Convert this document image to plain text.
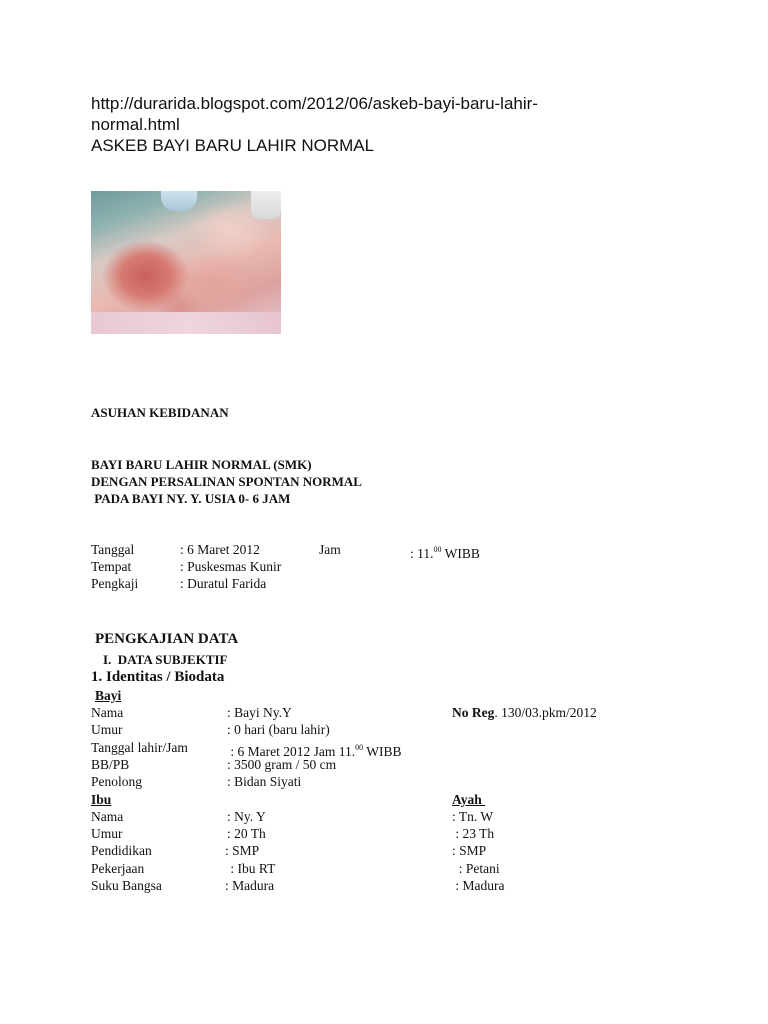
http://durarida.blogspot.com/2012/06/askeb-bayi-baru-lahir-
normal.html
ASKEB BAYI BARU LAHIR NORMAL
ASUHAN KEBIDANAN
BAYI BARU LAHIR NORMAL (SMK)
DENGAN PERSALINAN SPONTAN NORMAL
PADA BAYI NY. Y. USIA 0- 6 JAM
Tanggal	: 6 Maret 2012	Jam	: 11.00 WIBB
Tempat	: Puskesmas Kunir
Pengkaji	: Duratul Farida
PENGKAJIAN DATA
I.  DATA SUBJEKTIF
1. Identitas / Biodata
Bayi
Nama	: Bayi Ny.Y	No Reg. 130/03.pkm/2012
Umur	: 0 hari (baru lahir)
Tanggal lahir/Jam	: 6 Maret 2012 Jam 11.00 WIBB
BB/PB	: 3500 gram / 50 cm
Penolong	: Bidan Siyati
Ibu	Ayah
Nama	: Ny. Y	: Tn. W
Umur	: 20 Th	: 23 Th
Pendidikan	: SMP	: SMP
Pekerjaan	: Ibu RT	: Petani
Suku Bangsa	: Madura	: Madura
